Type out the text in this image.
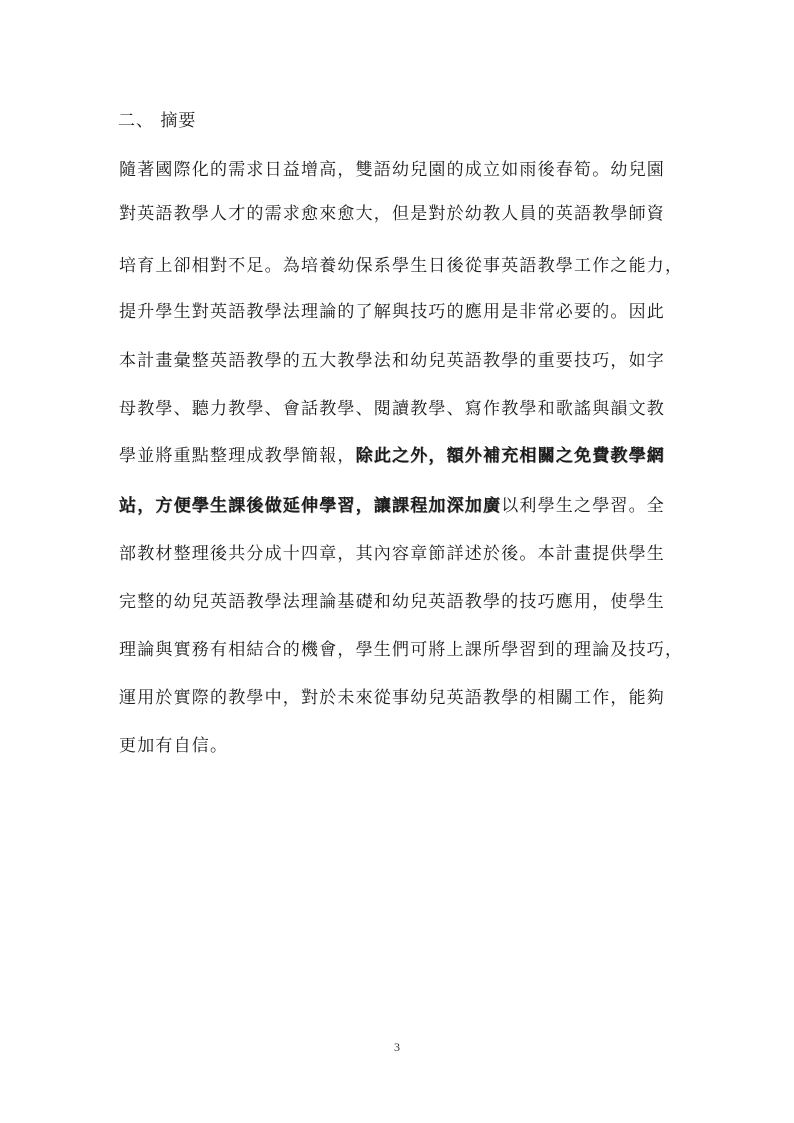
二、 摘要
隨著國際化的需求日益增高，雙語幼兒園的成立如雨後春筍。幼兒園
對英語教學人才的需求愈來愈大，但是對於幼教人員的英語教學師資
培育上卻相對不足。為培養幼保系學生日後從事英語教學工作之能力，
提升學生對英語教學法理論的了解與技巧的應用是非常必要的。因此
本計畫彙整英語教學的五大教學法和幼兒英語教學的重要技巧，如字
母教學、聽力教學、會話教學、閱讀教學、寫作教學和歌謠與韻文教
學並將重點整理成教學簡報，除此之外，額外補充相關之免費教學網
站，方便學生課後做延伸學習，讓課程加深加廣以利學生之學習。全
部教材整理後共分成十四章，其內容章節詳述於後。本計畫提供學生
完整的幼兒英語教學法理論基礎和幼兒英語教學的技巧應用，使學生
理論與實務有相結合的機會，學生們可將上課所學習到的理論及技巧，
運用於實際的教學中，對於未來從事幼兒英語教學的相關工作，能夠
更加有自信。
3
